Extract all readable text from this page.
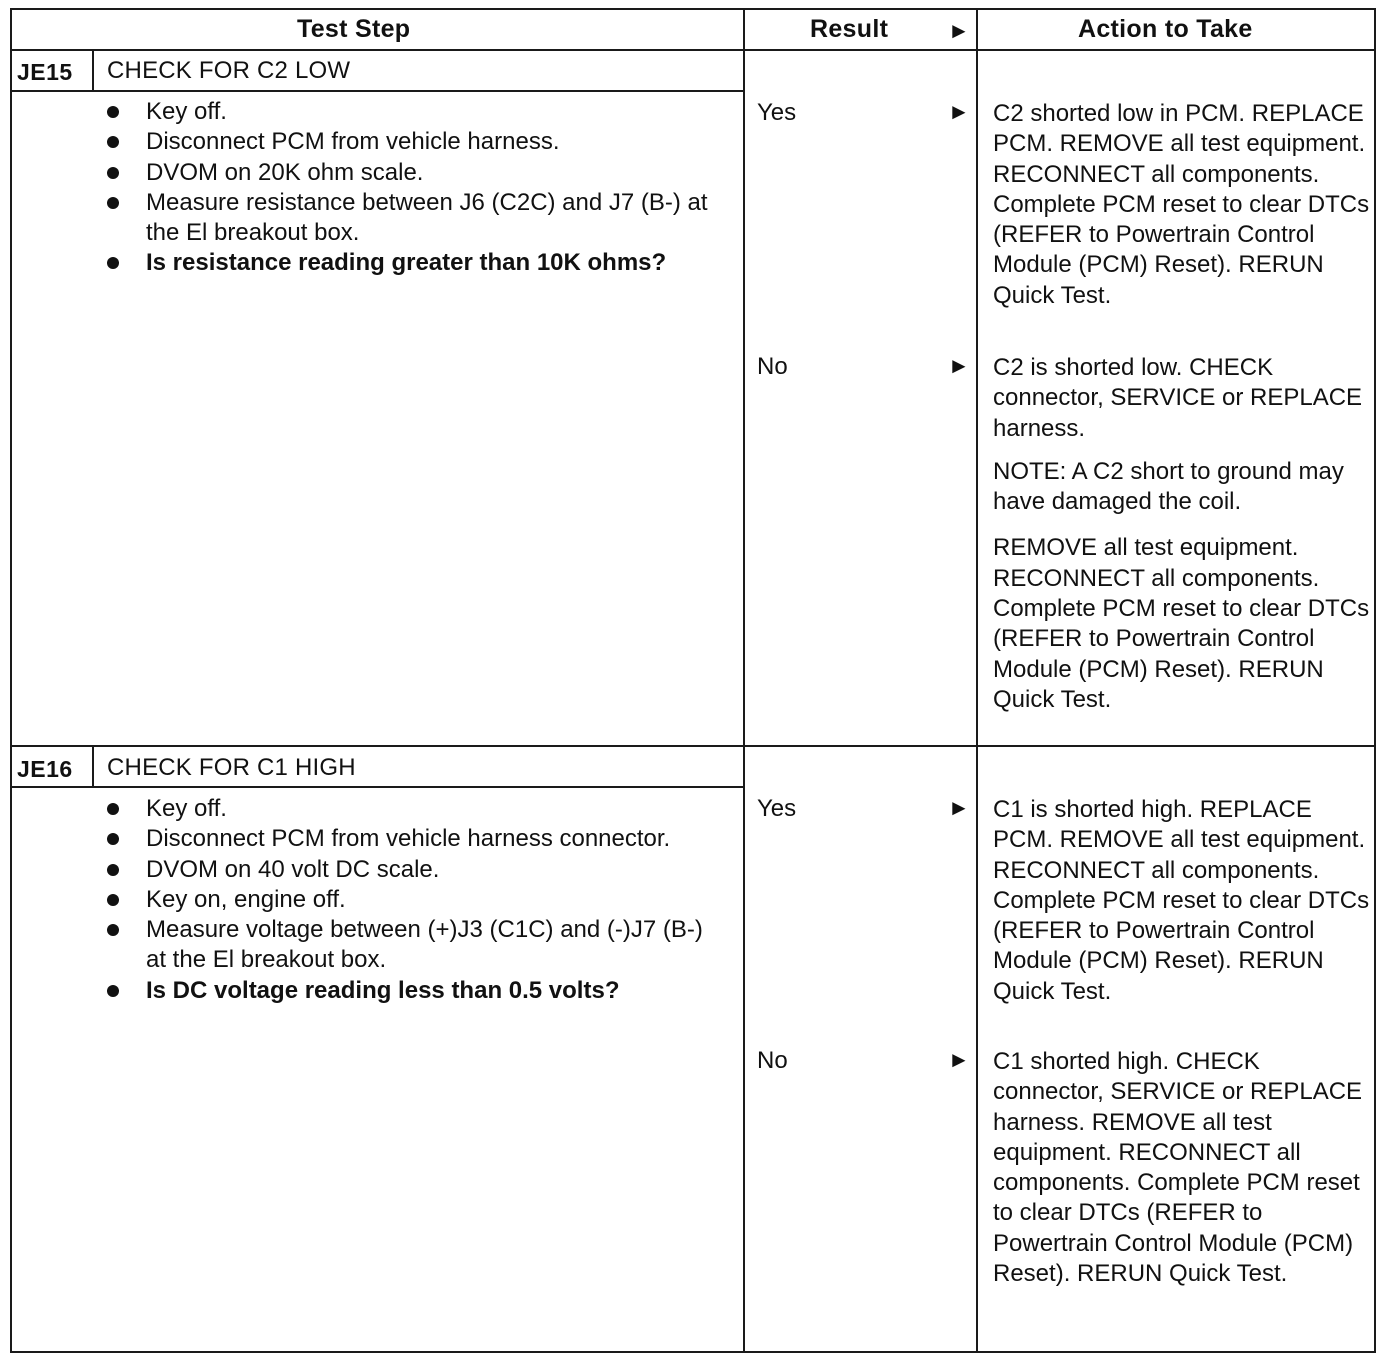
Test Step	Result	►	Action to Take
JE15 CHECK FOR C2 LOW
Key off.
Disconnect PCM from vehicle harness.
DVOM on 20K ohm scale.
Measure resistance between J6 (C2C) and J7 (B-) at the El breakout box.
Is resistance reading greater than 10K ohms?
Yes	► C2 shorted low in PCM. REPLACE PCM. REMOVE all test equipment. RECONNECT all components. Complete PCM reset to clear DTCs (REFER to Powertrain Control Module (PCM) Reset). RERUN Quick Test.
No	► C2 is shorted low. CHECK connector, SERVICE or REPLACE harness.
NOTE: A C2 short to ground may have damaged the coil.
REMOVE all test equipment. RECONNECT all components. Complete PCM reset to clear DTCs (REFER to Powertrain Control Module (PCM) Reset). RERUN Quick Test.
JE16 CHECK FOR C1 HIGH
Key off.
Disconnect PCM from vehicle harness connector.
DVOM on 40 volt DC scale.
Key on, engine off.
Measure voltage between (+)J3 (C1C) and (-)J7 (B-) at the El breakout box.
Is DC voltage reading less than 0.5 volts?
Yes	► C1 is shorted high. REPLACE PCM. REMOVE all test equipment. RECONNECT all components. Complete PCM reset to clear DTCs (REFER to Powertrain Control Module (PCM) Reset). RERUN Quick Test.
No	► C1 shorted high. CHECK connector, SERVICE or REPLACE harness. REMOVE all test equipment. RECONNECT all components. Complete PCM reset to clear DTCs (REFER to Powertrain Control Module (PCM) Reset). RERUN Quick Test.
